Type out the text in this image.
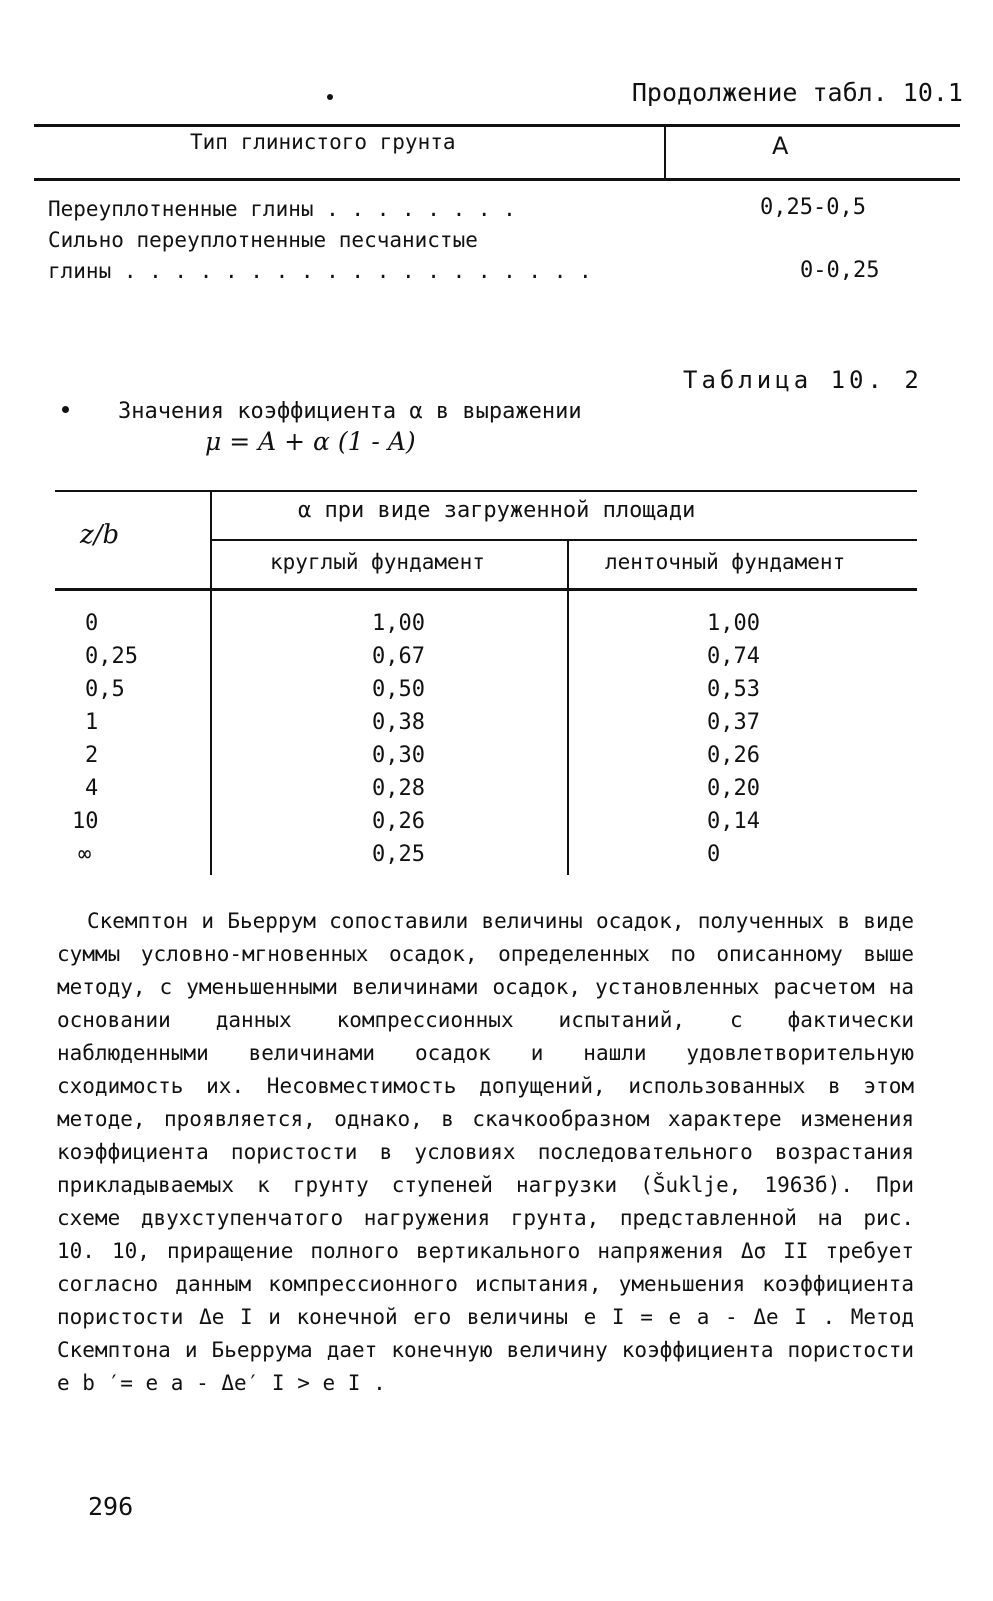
Продолжение табл. 10.1
Тип глинистого грунта	А
Переуплотненные глины . . . . . . . .	0,25-0,5
Сильно переуплотненные песчанистые
глины . . . . . . . . . . . . . . . . . . .	0-0,25
Таблица 10. 2
Значения коэффициента α в выражении
μ = A + α (1 - A)
z/b
α при виде загруженной площади
круглый фундамент	ленточный фундамент
0	1,00	1,00
0,25	0,67	0,74
0,5	0,50	0,53
1	0,38	0,37
2	0,30	0,26
4	0,28	0,20
10	0,26	0,14
∞	0,25	0

Скемптон и Бьеррум сопоставили величины осадок, полученных в виде суммы условно-мгновенных осадок, определенных по описанному выше методу, с уменьшенными величинами осадок, установленных расчетом на основании данных компрессионных испытаний, с фактически наблюденными величинами осадок и нашли удовлетворительную сходимость их. Несовместимость допущений, использованных в этом методе, проявляется, однако, в скачкообразном характере изменения коэффициента пористости в условиях последовательного возрастания прикладываемых к грунту ступеней нагрузки (Šuklje, 1963б). При схеме двухступенчатого нагружения грунта, представленной на рис. 10. 10, приращение полного вертикального напряжения Δσ II требует согласно данным компрессионного испытания, уменьшения коэффициента пористости Δe I и конечной его величины e I = e a - Δe I . Метод Скемптона и Бьеррума дает конечную величину коэффициента пористости e b ′= e a - Δe′ I > e I .

296
